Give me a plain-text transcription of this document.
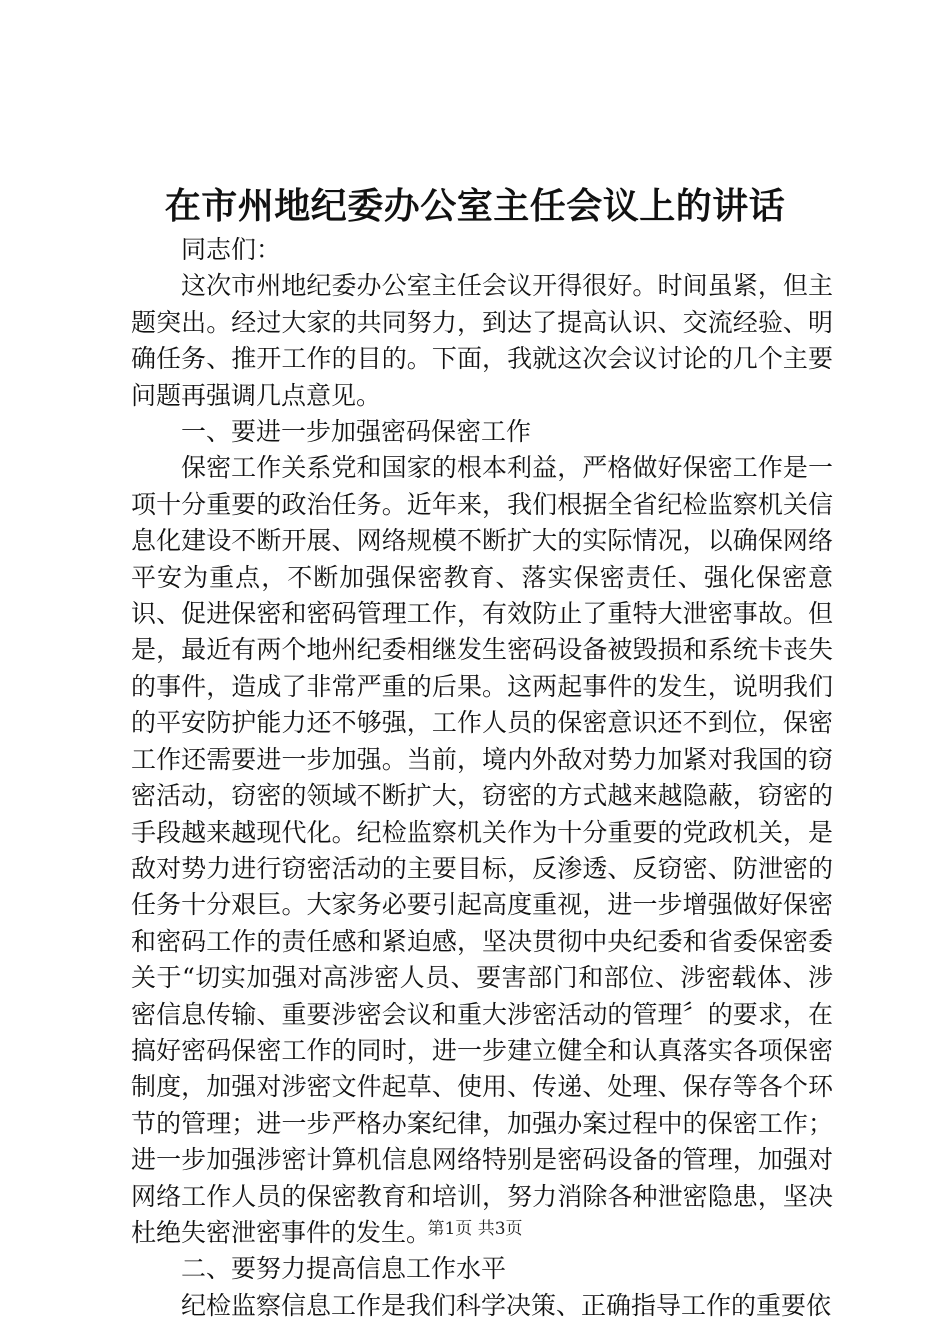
在市州地纪委办公室主任会议上的讲话

同志们：

这次市州地纪委办公室主任会议开得很好。时间虽紧，但主题突出。经过大家的共同努力，到达了提高认识、交流经验、明确任务、推开工作的目的。下面，我就这次会议讨论的几个主要问题再强调几点意见。

一、要进一步加强密码保密工作

保密工作关系党和国家的根本利益，严格做好保密工作是一项十分重要的政治任务。近年来，我们根据全省纪检监察机关信息化建设不断开展、网络规模不断扩大的实际情况，以确保网络平安为重点，不断加强保密教育、落实保密责任、强化保密意识、促进保密和密码管理工作，有效防止了重特大泄密事故。但是，最近有两个地州纪委相继发生密码设备被毁损和系统卡丧失的事件，造成了非常严重的后果。这两起事件的发生，说明我们的平安防护能力还不够强，工作人员的保密意识还不到位，保密工作还需要进一步加强。当前，境内外敌对势力加紧对我国的窃密活动，窃密的领域不断扩大，窃密的方式越来越隐蔽，窃密的手段越来越现代化。纪检监察机关作为十分重要的党政机关，是敌对势力进行窃密活动的主要目标，反渗透、反窃密、防泄密的任务十分艰巨。大家务必要引起高度重视，进一步增强做好保密和密码工作的责任感和紧迫感，坚决贯彻中央纪委和省委保密委关于“切实加强对高涉密人员、要害部门和部位、涉密载体、涉密信息传输、重要涉密会议和重大涉密活动的管理〞的要求，在搞好密码保密工作的同时，进一步建立健全和认真落实各项保密制度，加强对涉密文件起草、使用、传递、处理、保存等各个环节的管理；进一步严格办案纪律，加强办案过程中的保密工作；进一步加强涉密计算机信息网络特别是密码设备的管理，加强对网络工作人员的保密教育和培训，努力消除各种泄密隐患，坚决杜绝失密泄密事件的发生。

二、要努力提高信息工作水平

纪检监察信息工作是我们科学决策、正确指导工作的重要依

第1页 共3页
